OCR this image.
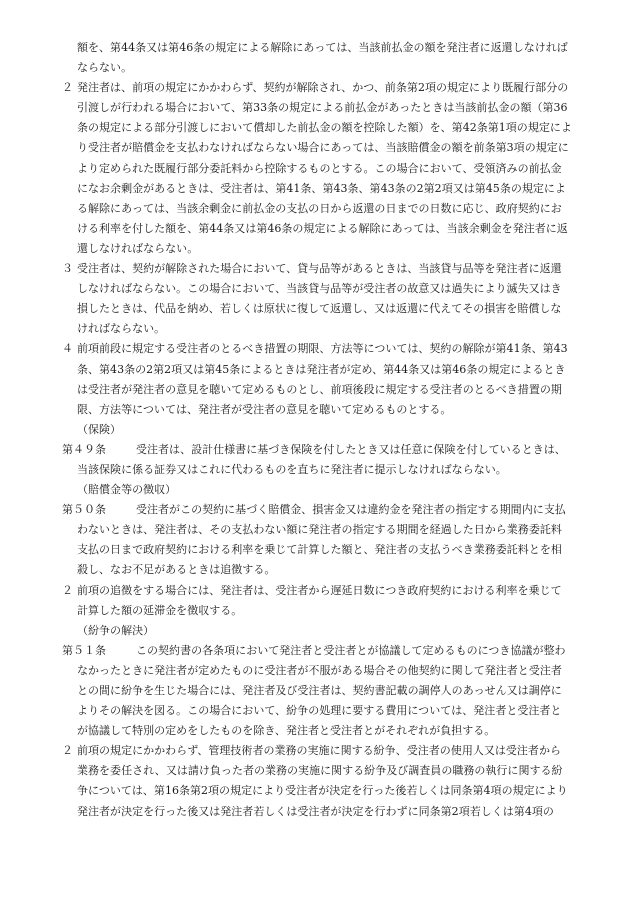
額を、第44条又は第46条の規定による解除にあっては、当該前払金の額を発注者に返還しなければならない。

２ 発注者は、前項の規定にかかわらず、契約が解除され、かつ、前条第2項の規定により既履行部分の引渡しが行われる場合において、第33条の規定による前払金があったときは当該前払金の額（第36条の規定による部分引渡しにおいて償却した前払金の額を控除した額）を、第42条第1項の規定により受注者が賠償金を支払わなければならない場合にあっては、当該賠償金の額を前条第3項の規定により定められた既履行部分委託料から控除するものとする。この場合において、受領済みの前払金になお余剰金があるときは、受注者は、第41条、第43条、第43条の2第2項又は第45条の規定による解除にあっては、当該余剰金に前払金の支払の日から返還の日までの日数に応じ、政府契約における利率を付した額を、第44条又は第46条の規定による解除にあっては、当該余剰金を発注者に返還しなければならない。
３ 受注者は、契約が解除された場合において、貸与品等があるときは、当該貸与品等を発注者に返還しなければならない。この場合において、当該貸与品等が受注者の故意又は過失により滅失又はき損したときは、代品を納め、若しくは原状に復して返還し、又は返還に代えてその損害を賠償しなければならない。
４ 前項前段に規定する受注者のとるべき措置の期限、方法等については、契約の解除が第41条、第43条、第43条の2第2項又は第45条によるときは発注者が定め、第44条又は第46条の規定によるときは受注者が発注者の意見を聴いて定めるものとし、前項後段に規定する受注者のとるべき措置の期限、方法等については、発注者が受注者の意見を聴いて定めるものとする。

（保険）

第４９条	受注者は、設計仕様書に基づき保険を付したとき又は任意に保険を付しているときは、当該保険に係る証券又はこれに代わるものを直ちに発注者に提示しなければならない。

（賠償金等の徴収）

第５０条	受注者がこの契約に基づく賠償金、損害金又は違約金を発注者の指定する期間内に支払わないときは、発注者は、その支払わない額に発注者の指定する期間を経過した日から業務委託料支払の日まで政府契約における利率を乗じて計算した額と、発注者の支払うべき業務委託料とを相殺し、なお不足があるときは追徴する。
２ 前項の追徴をする場合には、発注者は、受注者から遅延日数につき政府契約における利率を乗じて計算した額の延滞金を徴収する。

（紛争の解決）

第５１条	この契約書の各条項において発注者と受注者とが協議して定めるものにつき協議が整わなかったときに発注者が定めたものに受注者が不服がある場合その他契約に関して発注者と受注者との間に紛争を生じた場合には、発注者及び受注者は、契約書記載の調停人のあっせん又は調停によりその解決を図る。この場合において、紛争の処理に要する費用については、発注者と受注者とが協議して特別の定めをしたものを除き、発注者と受注者とがそれぞれが負担する。
２ 前項の規定にかかわらず、管理技術者の業務の実施に関する紛争、受注者の使用人又は受注者から業務を委任され、又は請け負った者の業務の実施に関する紛争及び調査員の職務の執行に関する紛争については、第16条第2項の規定により受注者が決定を行った後若しくは同条第4項の規定により発注者が決定を行った後又は発注者若しくは受注者が決定を行わずに同条第2項若しくは第4項の
